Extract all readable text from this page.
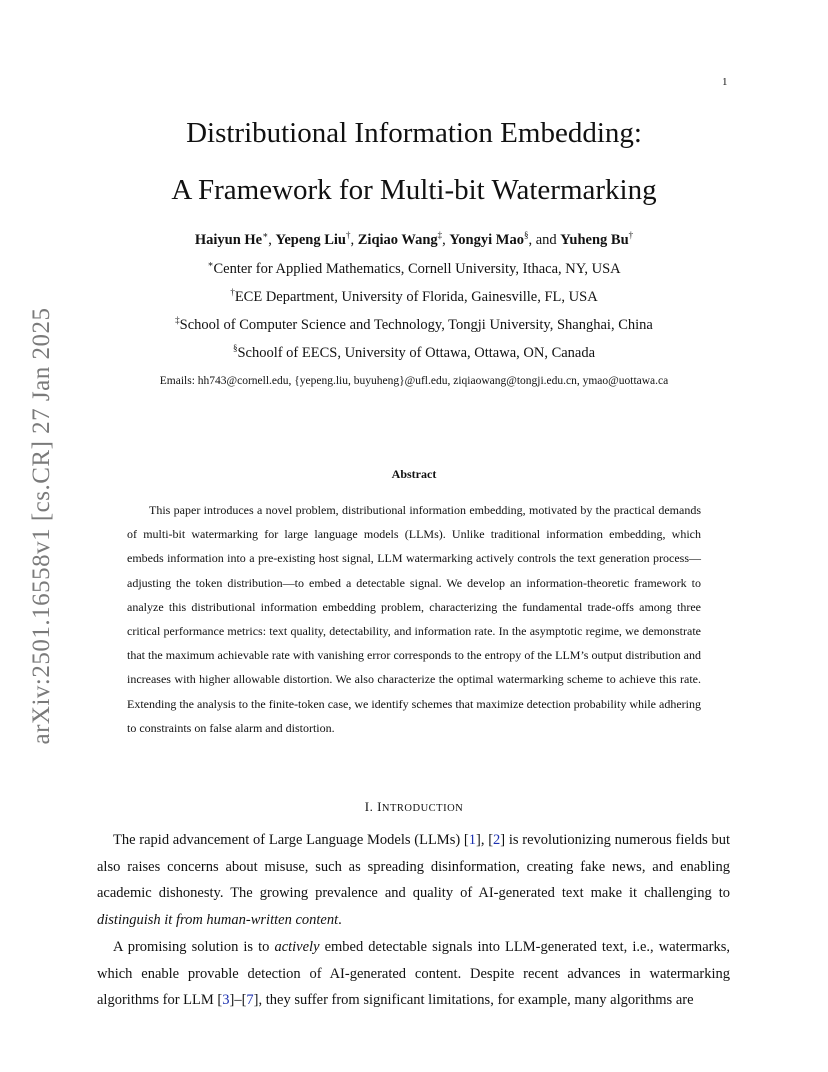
1
arXiv:2501.16558v1 [cs.CR] 27 Jan 2025
Distributional Information Embedding:
A Framework for Multi-bit Watermarking
Haiyun He∗, Yepeng Liu†, Ziqiao Wang‡, Yongyi Mao§, and Yuheng Bu†
∗Center for Applied Mathematics, Cornell University, Ithaca, NY, USA
†ECE Department, University of Florida, Gainesville, FL, USA
‡School of Computer Science and Technology, Tongji University, Shanghai, China
§Schoolf of EECS, University of Ottawa, Ottawa, ON, Canada
Emails: hh743@cornell.edu, {yepeng.liu, buyuheng}@ufl.edu, ziqiaowang@tongji.edu.cn, ymao@uottawa.ca
Abstract
This paper introduces a novel problem, distributional information embedding, motivated by the practical demands of multi-bit watermarking for large language models (LLMs). Unlike traditional information embedding, which embeds information into a pre-existing host signal, LLM watermarking actively controls the text generation process—adjusting the token distribution—to embed a detectable signal. We develop an information-theoretic framework to analyze this distributional information embedding problem, characterizing the fundamental trade-offs among three critical performance metrics: text quality, detectability, and information rate. In the asymptotic regime, we demonstrate that the maximum achievable rate with vanishing error corresponds to the entropy of the LLM’s output distribution and increases with higher allowable distortion. We also characterize the optimal watermarking scheme to achieve this rate. Extending the analysis to the finite-token case, we identify schemes that maximize detection probability while adhering to constraints on false alarm and distortion.
I. INTRODUCTION
The rapid advancement of Large Language Models (LLMs) [1], [2] is revolutionizing numerous fields but also raises concerns about misuse, such as spreading disinformation, creating fake news, and enabling academic dishonesty. The growing prevalence and quality of AI-generated text make it challenging to distinguish it from human-written content.
A promising solution is to actively embed detectable signals into LLM-generated text, i.e., watermarks, which enable provable detection of AI-generated content. Despite recent advances in watermarking algorithms for LLM [3]–[7], they suffer from significant limitations, for example, many algorithms are
